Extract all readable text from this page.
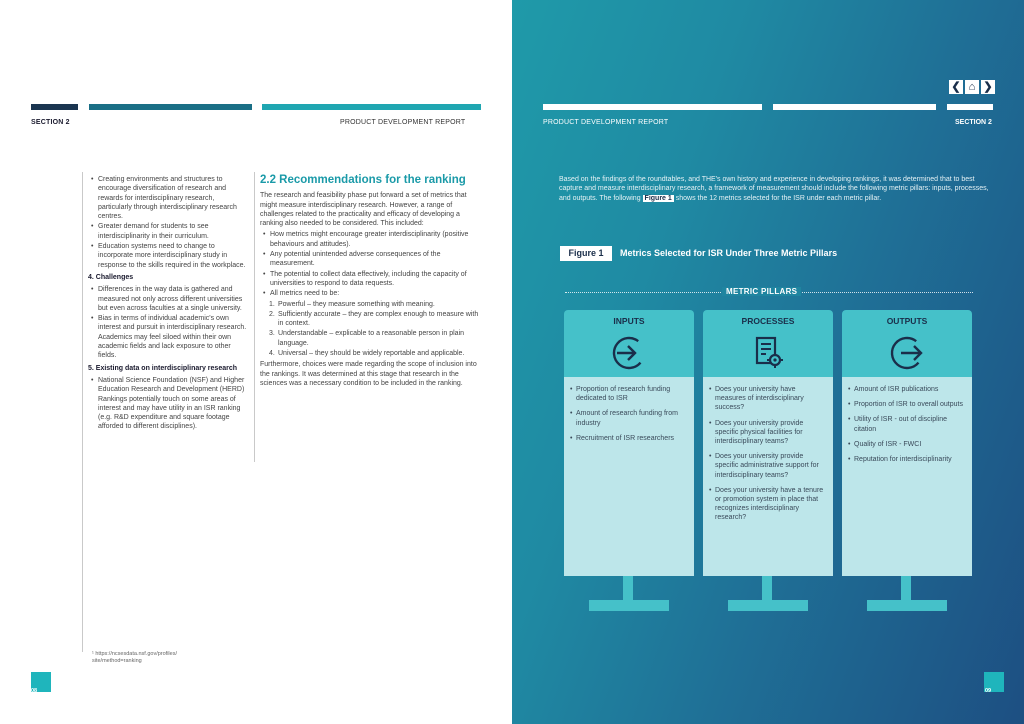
SECTION 2	PRODUCT DEVELOPMENT REPORT
• Creating environments and structures to encourage diversification of research and rewards for interdisciplinary research, particularly through interdisciplinary research centres.
• Greater demand for students to see interdisciplinarity in their curriculum.
• Education systems need to change to incorporate more interdisciplinary study in response to the skills required in the workplace.
4. Challenges
• Differences in the way data is gathered and measured not only across different universities but even across faculties at a single university.
• Bias in terms of individual academic's own interest and pursuit in interdisciplinary research. Academics may feel siloed within their own academic fields and lack exposure to other fields.
5. Existing data on interdisciplinary research
• National Science Foundation (NSF) and Higher Education Research and Development (HERD) Rankings potentially touch on some areas of interest and may have utility in an ISR ranking (e.g. R&D expenditure and square footage afforded to different disciplines).
2.2 Recommendations for the ranking

The research and feasibility phase put forward a set of metrics that might measure interdisciplinary research. However, a range of challenges related to the practicality and efficacy of developing a ranking also needed to be considered. This included:

• How metrics might encourage greater interdisciplinarity (positive behaviours and attitudes).
• Any potential unintended adverse consequences of the measurement.
• The potential to collect data effectively, including the capacity of universities to respond to data requests.
• All metrics need to be:
1. Powerful – they measure something with meaning.
2. Sufficiently accurate – they are complex enough to measure with in context.
3. Understandable – explicable to a reasonable person in plain language.
4. Universal – they should be widely reportable and applicable.

Furthermore, choices were made regarding the scope of inclusion into the rankings. It was determined at this stage that research in the sciences was a necessary condition to be included in the ranking.

¹ https://ncsesdata.nsf.gov/profiles/ site/method=ranking
08
❮ ⌂ ❯
PRODUCT DEVELOPMENT REPORT	SECTION 2
Based on the findings of the roundtables, and THE's own history and experience in developing rankings, it was determined that to best capture and measure interdisciplinary research, a framework of measurement should include the following metric pillars: inputs, processes, and outputs. The following Figure 1 shows the 12 metrics selected for the ISR under each metric pillar.
Figure 1	Metrics Selected for ISR Under Three Metric Pillars
METRIC PILLARS
INPUTS
• Proportion of research funding dedicated to ISR
• Amount of research funding from industry
• Recruitment of ISR researchers
PROCESSES
• Does your university have measures of interdisciplinary success?
• Does your university provide specific physical facilities for interdisciplinary teams?
• Does your university provide specific administrative support for interdisciplinary teams?
• Does your university have a tenure or promotion system in place that recognizes interdisciplinary research?
OUTPUTS
• Amount of ISR publications
• Proportion of ISR to overall outputs
• Utility of ISR - out of discipline citation
• Quality of ISR - FWCI
• Reputation for interdisciplinarity
09
